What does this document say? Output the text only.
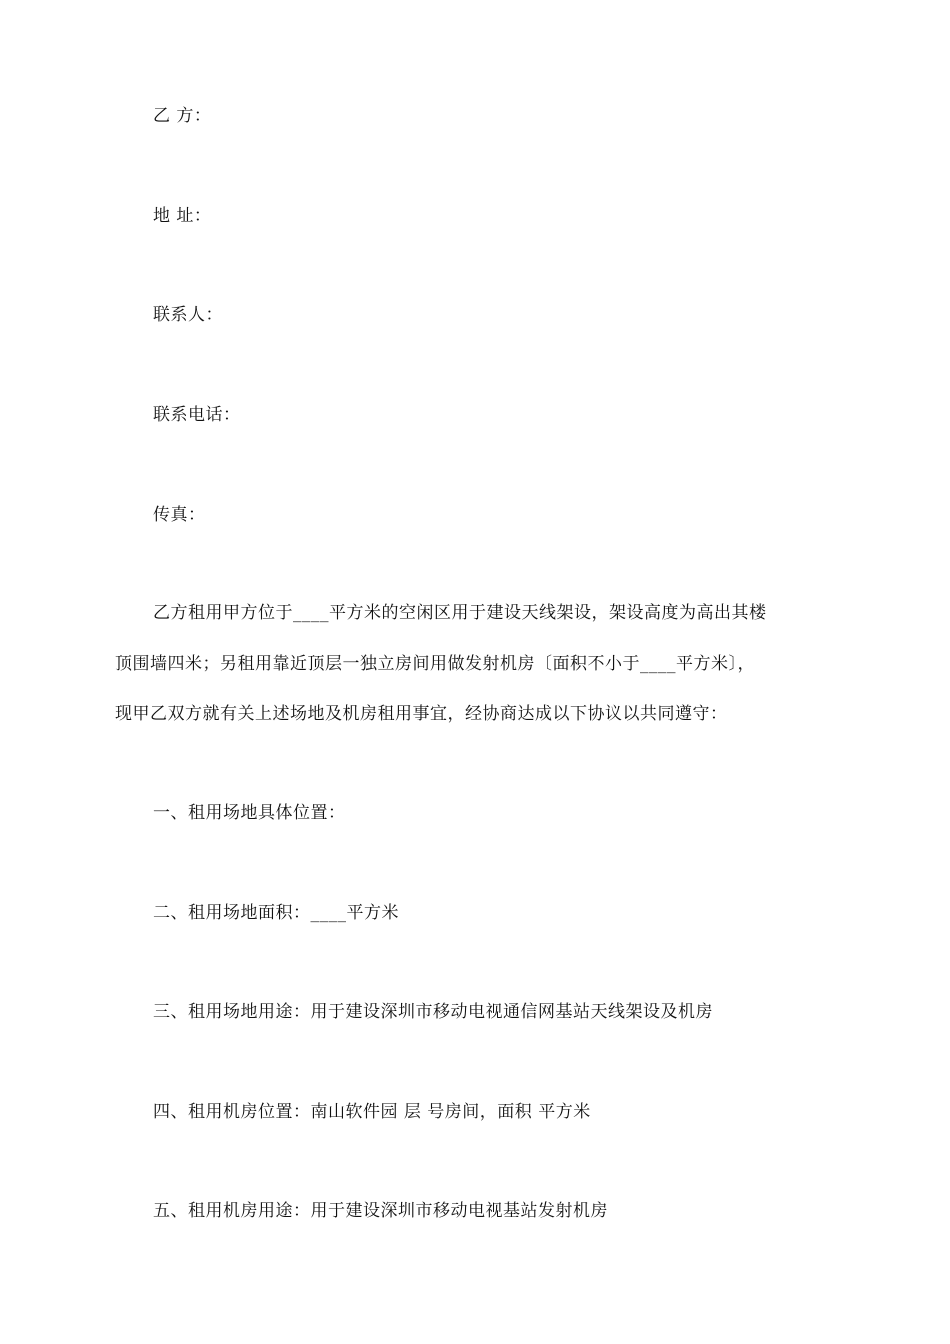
乙 方：
地 址：
联系人：
联系电话：
传真：
乙方租用甲方位于____平方米的空闲区用于建设天线架设，架设高度为高出其楼
顶围墙四米；另租用靠近顶层一独立房间用做发射机房〔面积不小于____平方米〕，
现甲乙双方就有关上述场地及机房租用事宜，经协商达成以下协议以共同遵守：
一、租用场地具体位置：
二、租用场地面积：____平方米
三、租用场地用途：用于建设深圳市移动电视通信网基站天线架设及机房
四、租用机房位置：南山软件园 层 号房间，面积 平方米
五、租用机房用途：用于建设深圳市移动电视基站发射机房
